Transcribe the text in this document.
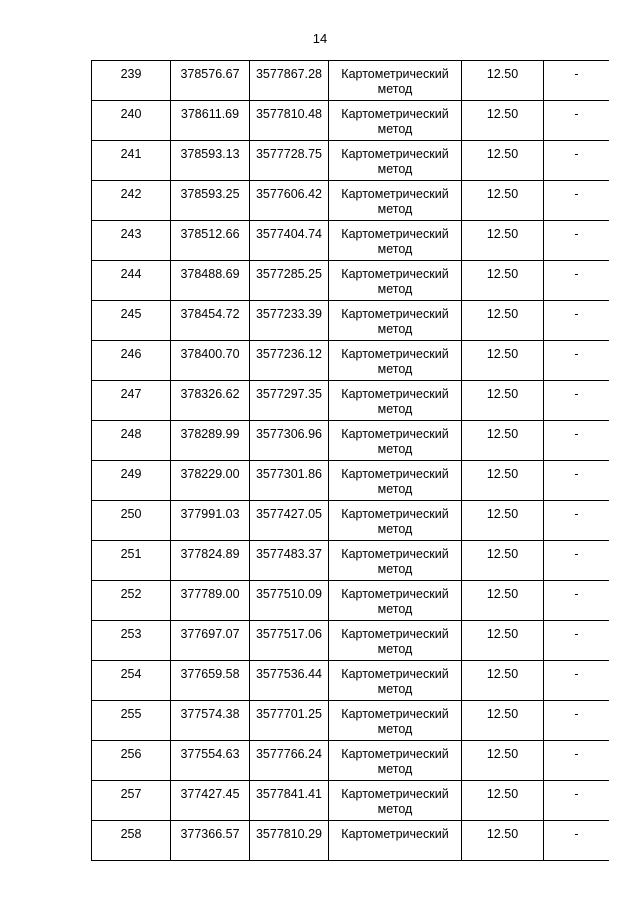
14
239	378576.67	3577867.28	Картометрический метод	12.50	-

240	378611.69	3577810.48	Картометрический метод	12.50	-

241	378593.13	3577728.75	Картометрический метод	12.50	-

242	378593.25	3577606.42	Картометрический метод	12.50	-

243	378512.66	3577404.74	Картометрический метод	12.50	-

244	378488.69	3577285.25	Картометрический метод	12.50	-

245	378454.72	3577233.39	Картометрический метод	12.50	-

246	378400.70	3577236.12	Картометрический метод	12.50	-

247	378326.62	3577297.35	Картометрический метод	12.50	-

248	378289.99	3577306.96	Картометрический метод	12.50	-

249	378229.00	3577301.86	Картометрический метод	12.50	-

250	377991.03	3577427.05	Картометрический метод	12.50	-

251	377824.89	3577483.37	Картометрический метод	12.50	-

252	377789.00	3577510.09	Картометрический метод	12.50	-

253	377697.07	3577517.06	Картометрический метод	12.50	-

254	377659.58	3577536.44	Картометрический метод	12.50	-

255	377574.38	3577701.25	Картометрический метод	12.50	-

256	377554.63	3577766.24	Картометрический метод	12.50	-

257	377427.45	3577841.41	Картометрический метод	12.50	-

258	377366.57	3577810.29	Картометрический	12.50	-
